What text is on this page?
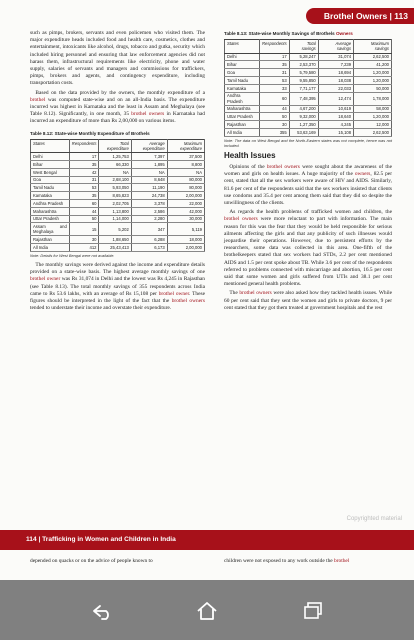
Brothel Owners | 113

such as pimps, brokers, servants and even policemen who visited them. The major expenditure heads included food and health care, cosmetics, clothes and entertainment, intoxicants like alcohol, drugs, tobacco and gutka, security which included hiring personnel and ensuring that law enforcement agencies did not harass them, infrastructural requirements like electricity, phone and water supply, salaries of servants and managers and commissions for traffickers, pimps, brokers and agents, and contingency expenditure, including transportation costs.

 Based on the data provided by the owners, the monthly expenditure of a brothel was computed state-wise and on an all-India basis. The expenditure incurred was highest in Karnataka and the least in Assam and Meghalaya (see Table 8.12). Significantly, in one month, 35 brothel owners in Karnataka had incurred an expenditure of more than Rs 2,00,000 on various items.

Table 8.12: State-wise Monthly Expenditure of Brothels
States	Respondents	Total expenditure	Average expenditure	Maximum expenditure
Delhi	17	1,25,753	7,397	37,500
Bihar	35	66,330	1,895	8,800
West Bengal	42	NA	NA	NA
Goa	31	2,68,100	8,648	80,000
Tamil Nadu	53	5,93,050	11,190	80,000
Kamataka	35	8,65,823	24,738	2,00,000
Andhra Pradesh	60	2,02,705	3,378	22,000
Maharashtra	44	1,13,800	2,586	42,000
Uttar Pradesh	50	1,14,000	2,280	30,000
Assam and Meghalaya	15	5,202	347	5,119
Rajasthan	30	1,88,650	6,288	18,000
All India	412	25,43,413	6,173	2,00,000
Note: Details for West Bengal were not available.

 The monthly savings were derived against the income and expenditure details provided on a state-wise basis. The highest average monthly savings of one brothel owner was Rs 31,074 in Delhi and the lowest was Rs 4,245 in Rajasthan (see Table 8.13). The total monthly savings of 355 respondents across India came to Rs 53.6 lakhs, with an average of Rs 15,108 per brothel owner. These figures should be interpreted in the light of the fact that the brothel owners tended to understate their income and overstate their expenditure.

Table 8.13: State-wise Monthly Savings of Brothels Owners
States	Respondents	Total savings	Average savings	Maximum savings
Delhi	17	5,28,247	31,074	2,62,500
Bihar	35	2,53,370	7,239	41,200
Goa	31	5,79,580	18,694	1,20,000
Tamil Nadu	53	9,55,850	18,038	1,20,000
Karnataka	33	7,71,177	22,033	50,000
Andhra Pradesh	60	7,48,395	12,474	1,78,000
Maharashtra	44	4,67,200	10,619	58,000
Uttar Pradesh	50	9,32,000	18,640	1,20,000
Rajasthan	30	1,27,350	4,245	12,000
All India	355	53,63,169	15,108	2,62,500
Note: The data on West Bengal and the North-Eastern states was not complete, hence was not included.
Health Issues

 Opinions of the brothel owners were sought about the awareness of the women and girls on health issues. A huge majority of the owners, 82.5 per cent, stated that all the sex workers were aware of HIV and AIDS. Similarly, 81.6 per cent of the respondents said that the sex workers insisted that clients use condoms and 35.4 per cent among them said that they did so despite the unwillingness of the clients.

 As regards the health problems of trafficked women and children, the brothel owners were more reluctant to part with information. The main reason for this was the fear that they would be held responsible for serious ailments affecting the girls and that any publicity of such illnesses would jeopardise their operations. However, due to persistent efforts by the researchers, some data was collected in this area. One-fifth of the brothelkeepers stated that sex workers had STDs, 2.2 per cent mentioned AIDS and 1.5 per cent spoke about TB. While 3.6 per cent of the respondents referred to problems connected with miscarriage and abortion, 16.5 per cent said that some women and girls suffered from UTIs and 38.1 per cent mentioned general health problems.

 The brothel owners were also asked how they tackled health issues. While 60 per cent said that they sent the women and girls to private doctors, 9 per cent stated that they got them treated at government hospitals and the rest

Copyrighted material
114 | Trafficking in Women and Children in India
depended on quacks or on the advice of people known to	children were not exposed to any work outside the brothel
